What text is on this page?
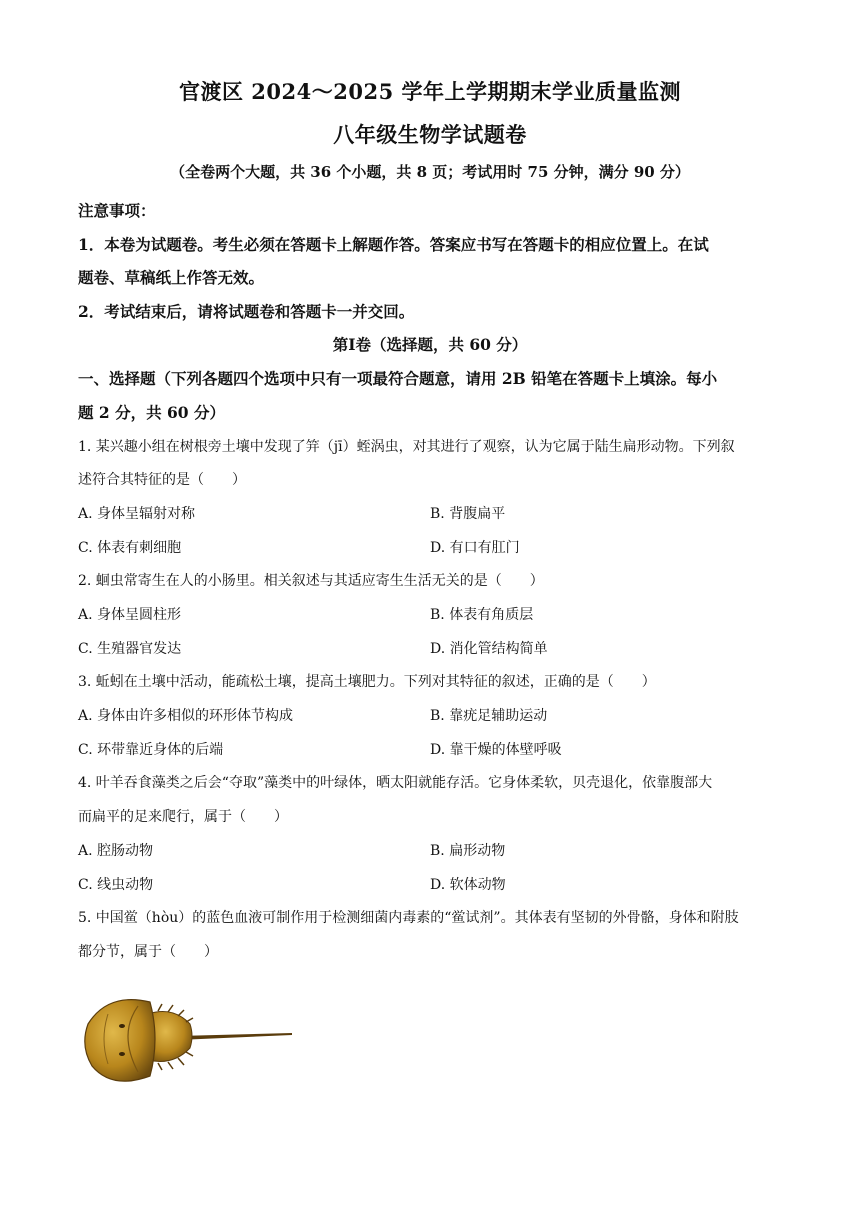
官渡区 2024～2025 学年上学期期末学业质量监测
八年级生物学试题卷
（全卷两个大题，共 36 个小题，共 8 页；考试用时 75 分钟，满分 90 分）
注意事项：
1．本卷为试题卷。考生必须在答题卡上解题作答。答案应书写在答题卡的相应位置上。在试
题卷、草稿纸上作答无效。
2．考试结束后，请将试题卷和答题卡一并交回。
第Ⅰ卷（选择题，共 60 分）
一、选择题（下列各题四个选项中只有一项最符合题意，请用 2B 铅笔在答题卡上填涂。每小
题 2 分，共 60 分）
1. 某兴趣小组在树根旁土壤中发现了笄（jī）蛭涡虫，对其进行了观察，认为它属于陆生扁形动物。下列叙
述符合其特征的是（　　）
A. 身体呈辐射对称	B. 背腹扁平
C. 体表有刺细胞	D. 有口有肛门
2. 蛔虫常寄生在人的小肠里。相关叙述与其适应寄生生活无关的是（　　）
A. 身体呈圆柱形	B. 体表有角质层
C. 生殖器官发达	D. 消化管结构简单
3. 蚯蚓在土壤中活动，能疏松土壤，提高土壤肥力。下列对其特征的叙述，正确的是（　　）
A. 身体由许多相似的环形体节构成	B. 靠疣足辅助运动
C. 环带靠近身体的后端	D. 靠干燥的体壁呼吸
4. 叶羊吞食藻类之后会“夺取”藻类中的叶绿体，晒太阳就能存活。它身体柔软，贝壳退化，依靠腹部大
而扁平的足来爬行，属于（　　）
A. 腔肠动物	B. 扁形动物
C. 线虫动物	D. 软体动物
5. 中国鲎（hòu）的蓝色血液可制作用于检测细菌内毒素的“鲎试剂”。其体表有坚韧的外骨骼，身体和附肢
都分节，属于（　　）
